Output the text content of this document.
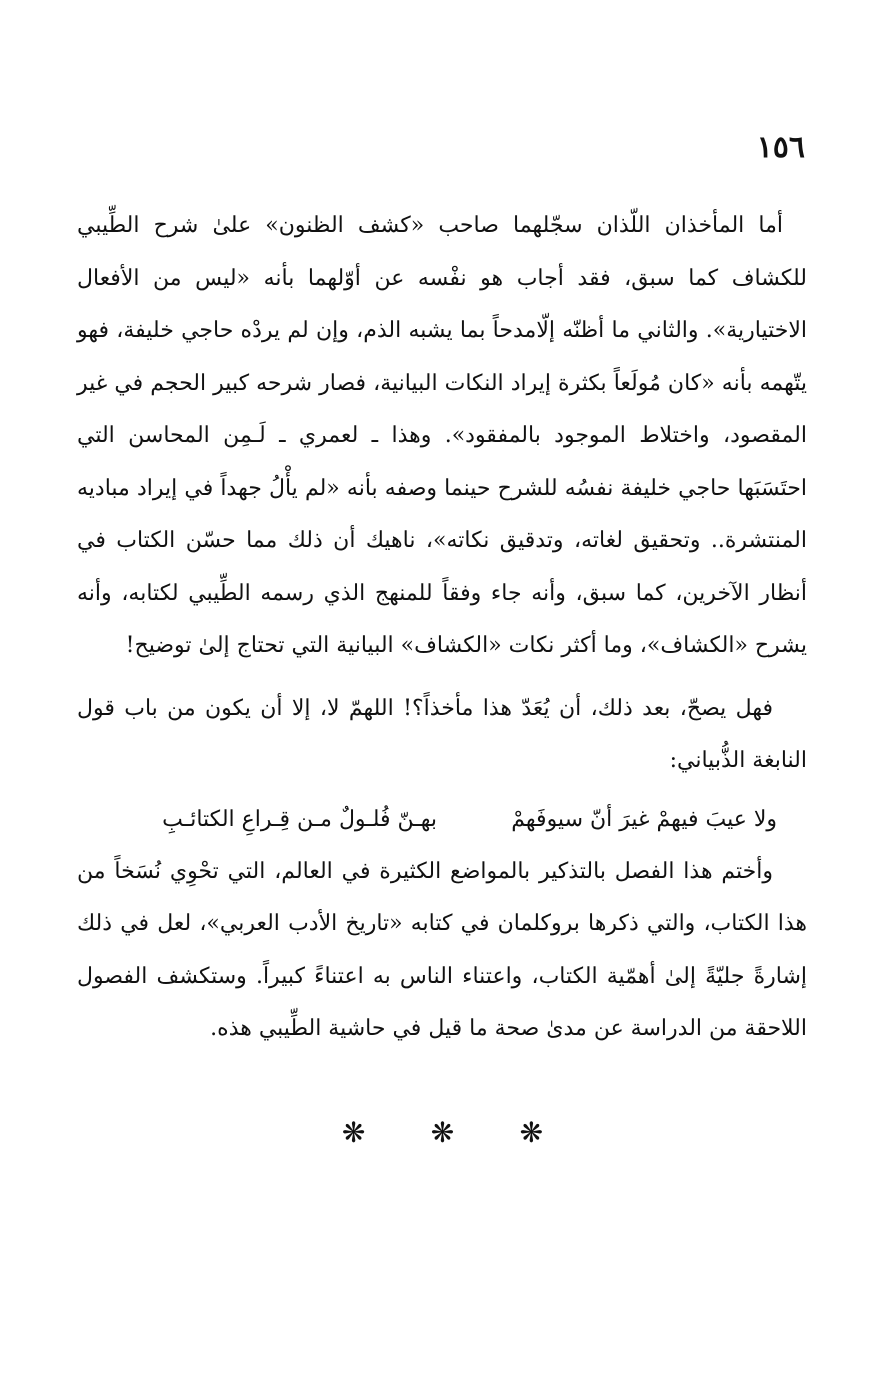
١٥٦

أما المأخذان اللّذان سجّلهما صاحب «كشف الظنون» علىٰ شرح الطِّيبي للكشاف كما سبق، فقد أجاب هو نفْسه عن أوّلهما بأنه «ليس من الأفعال الاختيارية». والثاني ما أظنّه إلّامدحاً بما يشبه الذم، وإن لم يردْه حاجي خليفة، فهو يتّهمه بأنه «كان مُولَعاً بكثرة إيراد النكات البيانية، فصار شرحه كبير الحجم في غير المقصود، واختلاط الموجود بالمفقود». وهذا ـ لعمري ـ لَـمِن المحاسن التي احتَسَبَها حاجي خليفة نفسُه للشرح حينما وصفه بأنه «لم يأْلُ جهداً في إيراد مباديه المنتشرة.. وتحقيق لغاته، وتدقيق نكاته»، ناهيك أن ذلك مما حسّن الكتاب في أنظار الآخرين، كما سبق، وأنه جاء وفقاً للمنهج الذي رسمه الطِّيبي لكتابه، وأنه يشرح «الكشاف»، وما أكثر نكات «الكشاف» البيانية التي تحتاج إلىٰ توضيح!

فهل يصحّ، بعد ذلك، أن يُعَدّ هذا مأخذاً؟! اللهمّ لا، إلا أن يكون من باب قول النابغة الذُّبياني:

ولا عيبَ فيهمْ غيرَ أنّ سيوفَهمْ
بهـنّ فُلـولٌ مـن قِـراعِ الكتائـبِ

وأختم هذا الفصل بالتذكير بالمواضع الكثيرة في العالم، التي تحْوِي نُسَخاً من هذا الكتاب، والتي ذكرها بروكلمان في كتابه «تاريخ الأدب العربي»، لعل في ذلك إشارةً جليّةً إلىٰ أهمّية الكتاب، واعتناء الناس به اعتناءً كبيراً. وستكشف الفصول اللاحقة من الدراسة عن مدىٰ صحة ما قيل في حاشية الطِّيبي هذه.

❋ ❋ ❋
